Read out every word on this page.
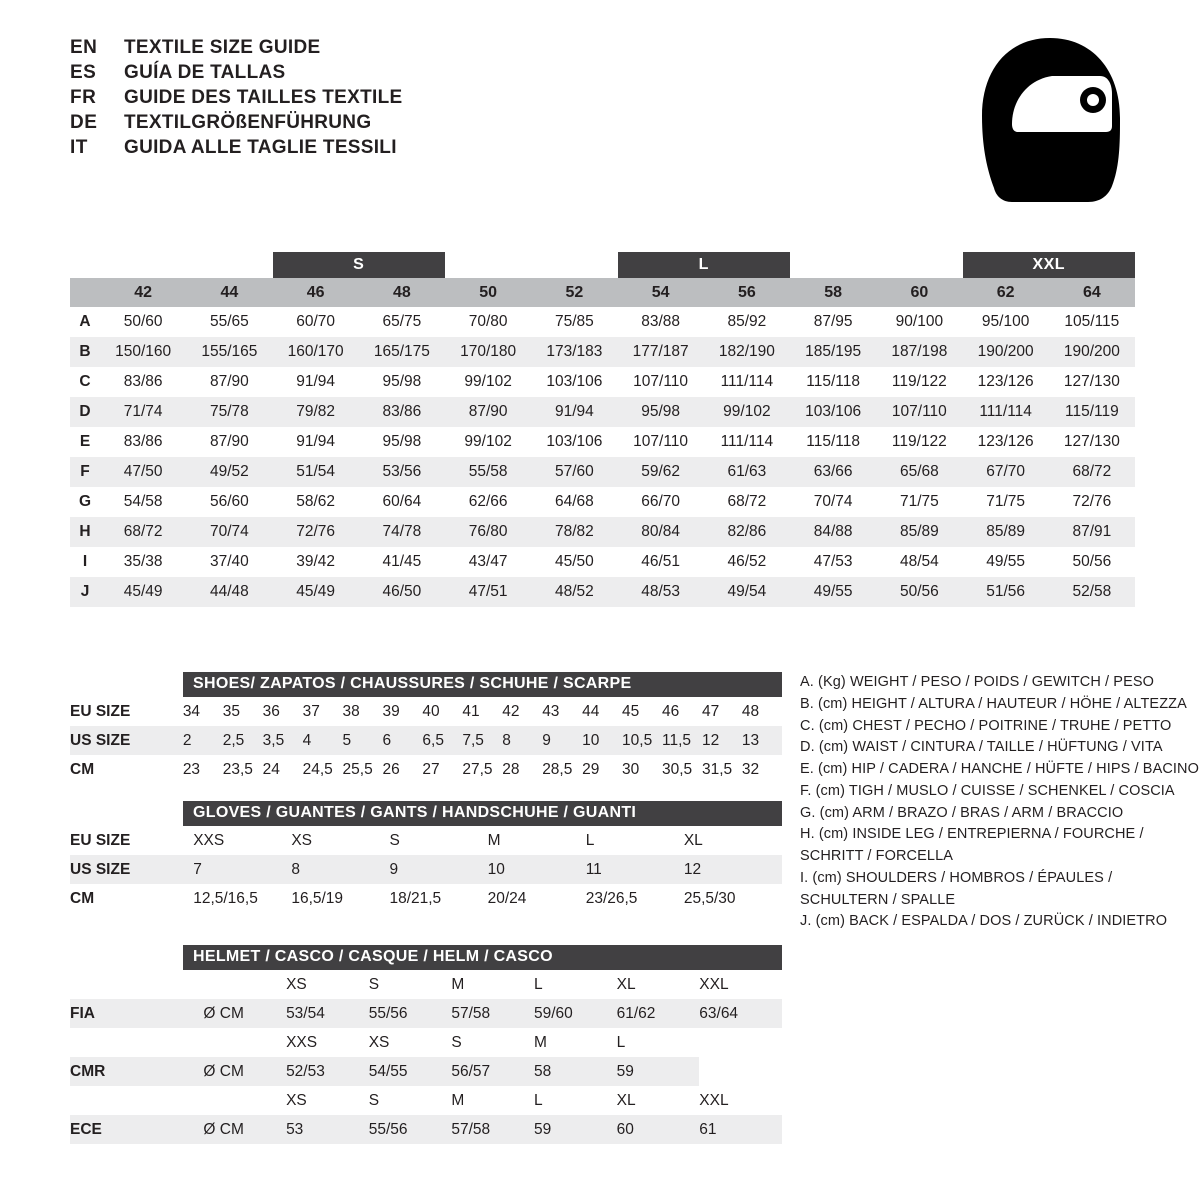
EN	TEXTILE SIZE GUIDE
ES	GUÍA DE TALLAS
FR	GUIDE DES TAILLES TEXTILE
DE	TEXTILGRÖßENFÜHRUNG
IT	GUIDA ALLE TAGLIE TESSILI
			S		M		L		XL		XXL		
	42	44	46	48	50	52	54	56	58	60	62	64	
A	50/60	55/65	60/70	65/75	70/80	75/85	83/88	85/92	87/95	90/100	95/100	105/115	
B	150/160	155/165	160/170	165/175	170/180	173/183	177/187	182/190	185/195	187/198	190/200	190/200	
C	83/86	87/90	91/94	95/98	99/102	103/106	107/110	111/114	115/118	119/122	123/126	127/130	
D	71/74	75/78	79/82	83/86	87/90	91/94	95/98	99/102	103/106	107/110	111/114	115/119	
E	83/86	87/90	91/94	95/98	99/102	103/106	107/110	111/114	115/118	119/122	123/126	127/130	
F	47/50	49/52	51/54	53/56	55/58	57/60	59/62	61/63	63/66	65/68	67/70	68/72	
G	54/58	56/60	58/62	60/64	62/66	64/68	66/70	68/72	70/74	71/75	71/75	72/76	
H	68/72	70/74	72/76	74/78	76/80	78/82	80/84	82/86	84/88	85/89	85/89	87/91	
I	35/38	37/40	39/42	41/45	43/47	45/50	46/51	46/52	47/53	48/54	49/55	50/56	
J	45/49	44/48	45/49	46/50	47/51	48/52	48/53	49/54	49/55	50/56	51/56	52/58	
SHOES/ ZAPATOS / CHAUSSURES / SCHUHE / SCARPE
EU SIZE	34	35	36	37	38	39	40	41	42	43	44	45	46	47	48
US SIZE	2	2,5	3,5	4	5	6	6,5	7,5	8	9	10	10,5	11,5	12	13
CM	23	23,5	24	24,5	25,5	26	27	27,5	28	28,5	29	30	30,5	31,5	32
GLOVES / GUANTES / GANTS / HANDSCHUHE / GUANTI
EU SIZE	XXS	XS	S	M	L	XL
US SIZE	7	8	9	10	11	12
CM	12,5/16,5	16,5/19	18/21,5	20/24	23/26,5	25,5/30
HELMET / CASCO / CASQUE / HELM / CASCO
		XS	S	M	L	XL	XXL
FIA	Ø CM	53/54	55/56	57/58	59/60	61/62	63/64
		XXS	XS	S	M	L	
CMR	Ø CM	52/53	54/55	56/57	58	59	
		XS	S	M	L	XL	XXL
ECE	Ø CM	53	55/56	57/58	59	60	61
A. (Kg) WEIGHT / PESO / POIDS / GEWITCH / PESO
B. (cm) HEIGHT / ALTURA / HAUTEUR / HÖHE / ALTEZZA
C. (cm) CHEST / PECHO / POITRINE / TRUHE / PETTO
D. (cm) WAIST / CINTURA / TAILLE / HÜFTUNG / VITA
E. (cm) HIP / CADERA / HANCHE / HÜFTE / HIPS / BACINO
F. (cm) TIGH / MUSLO / CUISSE / SCHENKEL / COSCIA
G. (cm) ARM / BRAZO / BRAS / ARM / BRACCIO
H. (cm) INSIDE LEG / ENTREPIERNA / FOURCHE /
SCHRITT / FORCELLA
I. (cm) SHOULDERS / HOMBROS / ÉPAULES /
SCHULTERN / SPALLE
J. (cm) BACK / ESPALDA / DOS / ZURÜCK / INDIETRO
